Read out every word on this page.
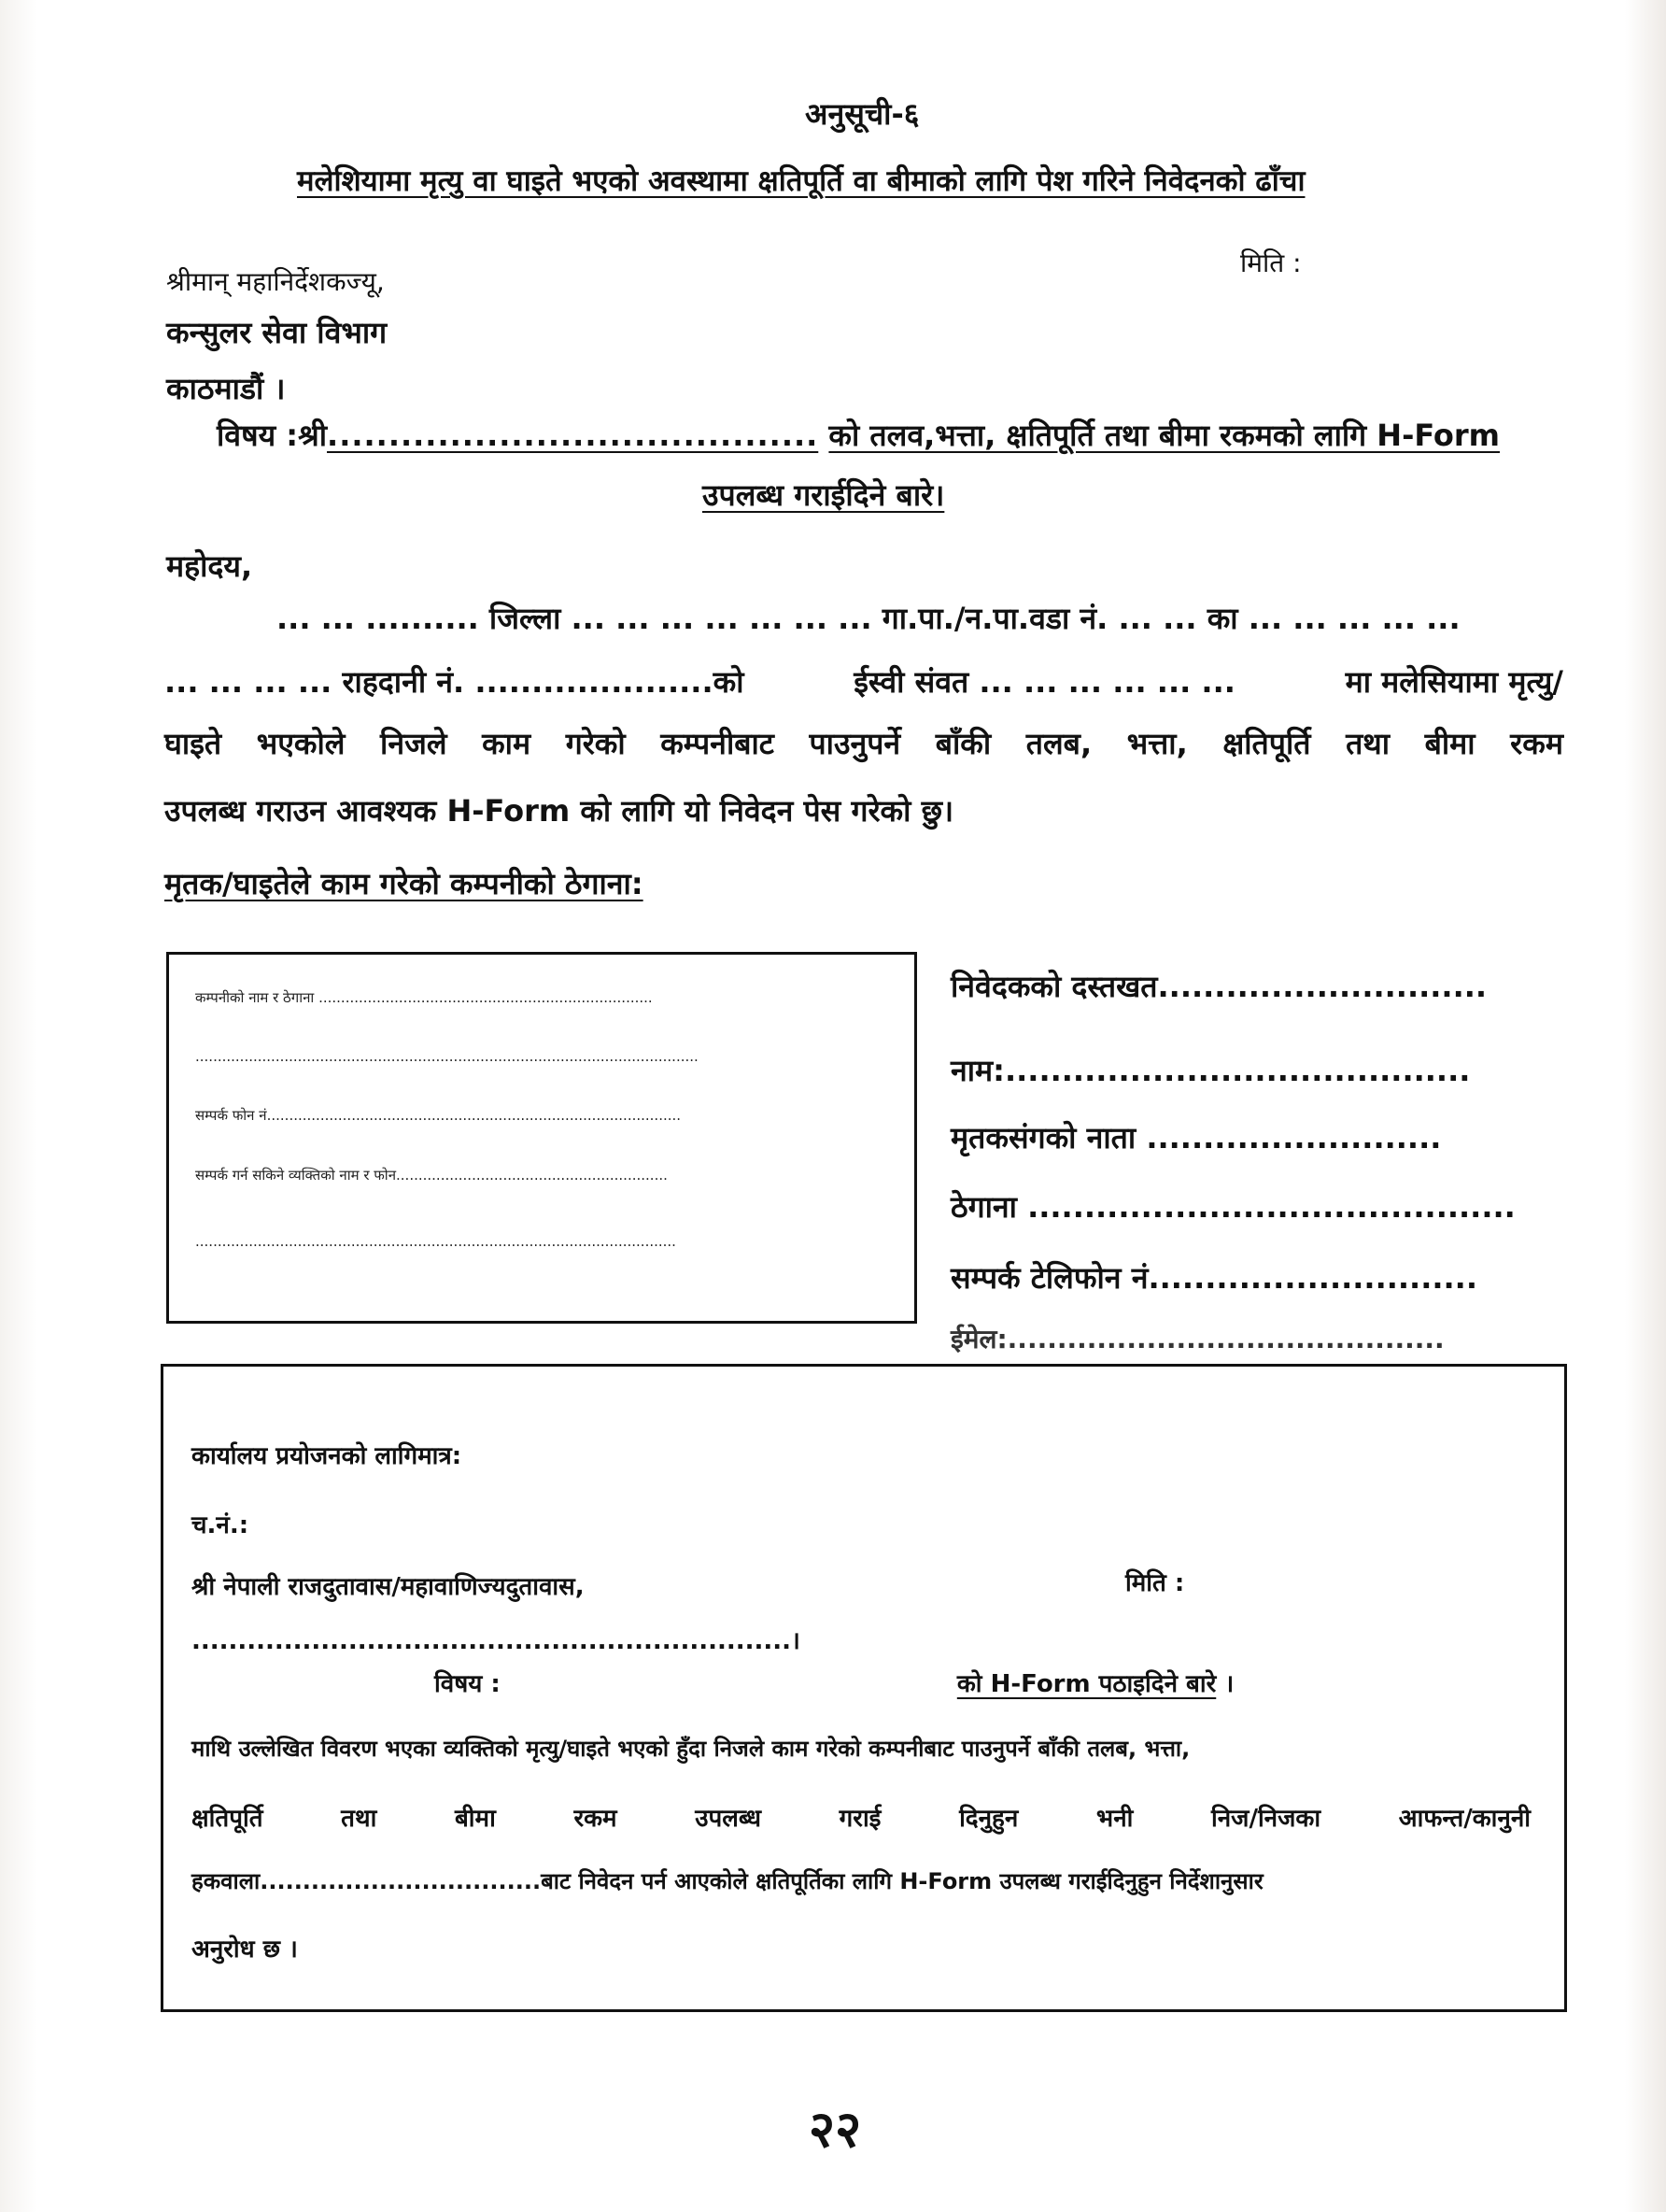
अनुसूची-६
मलेशियामा मृत्यु वा घाइते भएको अवस्थामा क्षतिपूर्ति वा बीमाको लागि पेश गरिने निवेदनको ढाँचा
मिति :
श्रीमान् महानिर्देशकज्यू,
कन्सुलर सेवा विभाग
काठमाडौं ।
विषय :श्री........................................ को तलव,भत्ता, क्षतिपूर्ति तथा बीमा रकमको लागि H-Form
उपलब्ध गराईदिने बारे।
महोदय,
... ... .......... जिल्ला ... ... ... ... ... ... ... गा.पा./न.पा.वडा नं. ... ... का ... ... ... ... ...
... ... ... ... राहदानी नं. .....................को	ईस्वी संवत ... ... ... ... ... ...	मा मलेसियामा मृत्यु/
घाइते भएकोले निजले काम गरेको कम्पनीबाट पाउनुपर्ने बाँकी तलब, भत्ता, क्षतिपूर्ति तथा बीमा रकम
उपलब्ध गराउन आवश्यक H-Form को लागि यो निवेदन पेस गरेको छु।
मृतक/घाइतेले काम गरेको कम्पनीको ठेगाना:
कम्पनीको नाम र ठेगाना ...........................................................................
.................................................................................................................
सम्पर्क फोन नं.............................................................................................
सम्पर्क गर्न सकिने व्यक्तिको नाम र फोन.............................................................
............................................................................................................
निवेदकको दस्तखत.............................
नाम:.........................................
मृतकसंगको नाता ..........................
ठेगाना ...........................................
सम्पर्क टेलिफोन नं.............................
ईमेल:............................................
कार्यालय प्रयोजनको लागिमात्र:
च.नं.:
श्री नेपाली राजदुतावास/महावाणिज्यदुतावास,	मिति :
.................................................................।
विषय :	को H-Form पठाइदिने बारे ।
माथि उल्लेखित विवरण भएका व्यक्तिको मृत्यु/घाइते भएको हुँदा निजले काम गरेको कम्पनीबाट पाउनुपर्ने बाँकी तलब, भत्ता,
क्षतिपूर्ति	तथा	बीमा	रकम	उपलब्ध	गराई	दिनुहुन	भनी	निज/निजका	आफन्त/कानुनी
हकवाला.................................बाट निवेदन पर्न आएकोले क्षतिपूर्तिका लागि H-Form उपलब्ध गराईदिनुहुन निर्देशानुसार
अनुरोध छ ।
२२
